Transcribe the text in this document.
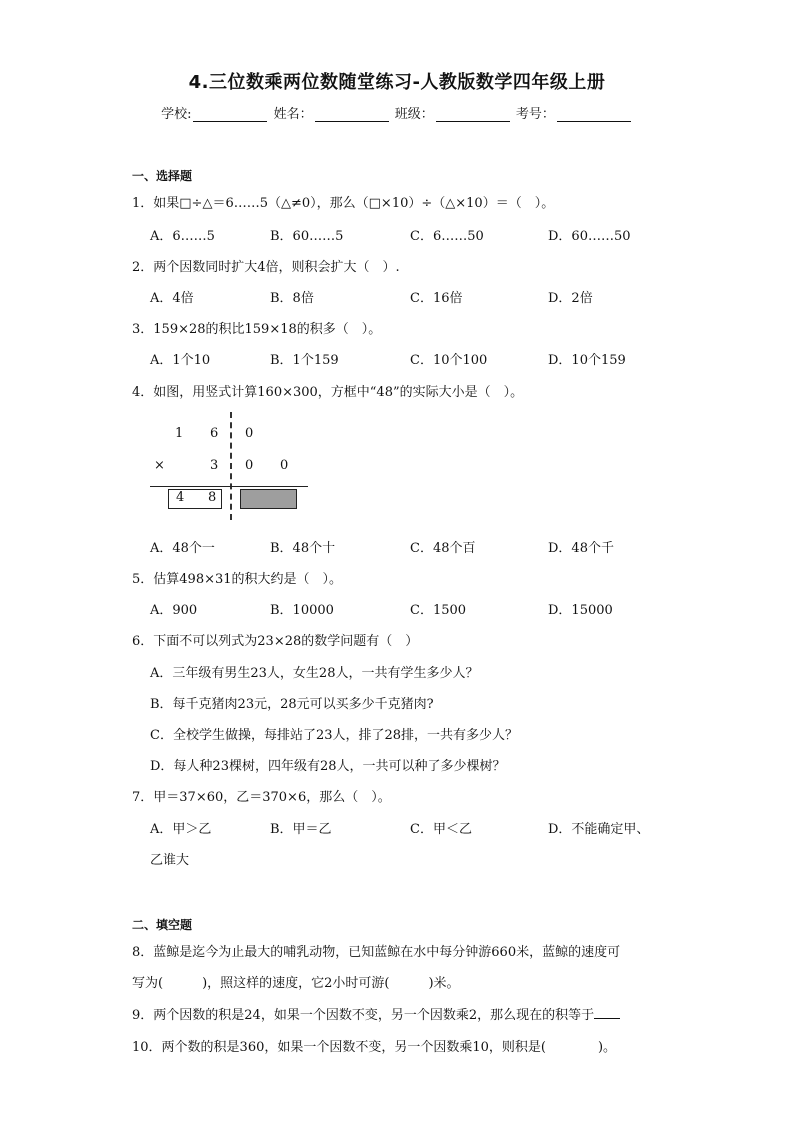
4.三位数乘两位数随堂练习-人教版数学四年级上册
学校:	姓名：	班级：	考号：
一、选择题
1．如果□÷△＝6……5（△≠0），那么（□×10）÷（△×10）＝（　）。
A．6……5	B．60……5	C．6……50	D．60……50
2．两个因数同时扩大4倍，则积会扩大（　）.
A．4倍	B．8倍	C．16倍	D．2倍
3．159×28的积比159×18的积多（　）。
A．1个10	B．1个159	C．10个100	D．10个159
4．如图，用竖式计算160×300，方框中“48”的实际大小是（　）。
1 6 0
×	3 0 0
4 8
A．48个一	B．48个十	C．48个百	D．48个千
5．估算498×31的积大约是（　）。
A．900	B．10000	C．1500	D．15000
6．下面不可以列式为23×28的数学问题有（　）
A．三年级有男生23人，女生28人，一共有学生多少人？
B．每千克猪肉23元，28元可以买多少千克猪肉?
C．全校学生做操，每排站了23人，排了28排，一共有多少人？
D．每人种23棵树，四年级有28人，一共可以种了多少棵树？
7．甲＝37×60，乙＝370×6，那么（　）。
A．甲＞乙	B．甲＝乙	C．甲＜乙	D．不能确定甲、
乙谁大
二、填空题
8．蓝鲸是迄今为止最大的哺乳动物，已知蓝鲸在水中每分钟游660米，蓝鲸的速度可
写为(　　　)，照这样的速度，它2小时可游(　　　)米。
9．两个因数的积是24，如果一个因数不变，另一个因数乘2，那么现在的积等于
10．两个数的积是360，如果一个因数不变，另一个因数乘10，则积是(　　　　)。
